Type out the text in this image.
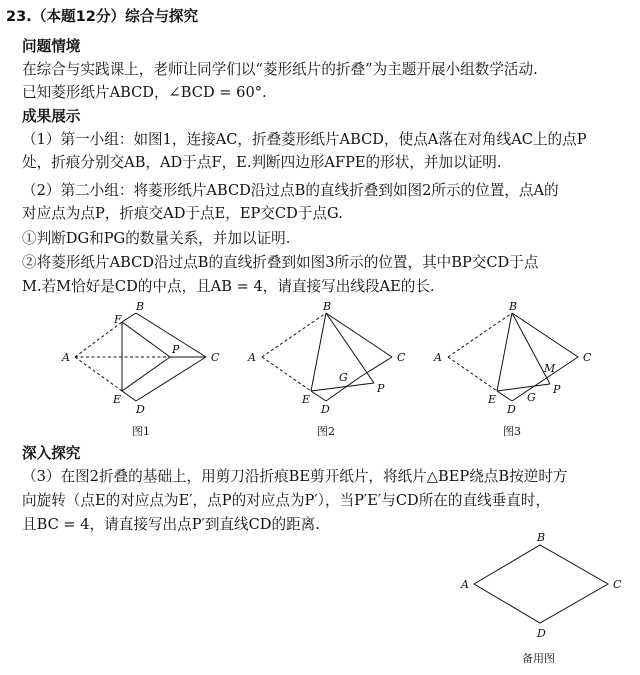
23.（本题12分）综合与探究
问题情境
在综合与实践课上，老师让同学们以“菱形纸片的折叠”为主题开展小组数学活动.
已知菱形纸片ABCD，∠BCD = 60°.
成果展示
（1）第一小组：如图1，连接AC，折叠菱形纸片ABCD，使点A落在对角线AC上的点P
处，折痕分别交AB，AD于点F，E.判断四边形AFPE的形状，并加以证明.
（2）第二小组：将菱形纸片ABCD沿过点B的直线折叠到如图2所示的位置，点A的
对应点为点P，折痕交AD于点E，EP交CD于点G.
①判断DG和PG的数量关系，并加以证明.
②将菱形纸片ABCD沿过点B的直线折叠到如图3所示的位置，其中BP交CD于点
M.若M恰好是CD的中点，且AB = 4，请直接写出线段AE的长.
A
B
C
D
E
F
P
图1
A
B
C
D
E
G
P
图2
A
B
C
D
E	G
M
P
图3
A
B
C
D
备用图
深入探究
（3）在图2折叠的基础上，用剪刀沿折痕BE剪开纸片，将纸片△BEP绕点B按逆时方
向旋转（点E的对应点为E′，点P的对应点为P′），当P′E′与CD所在的直线垂直时，
且BC = 4，请直接写出点P′到直线CD的距离.
